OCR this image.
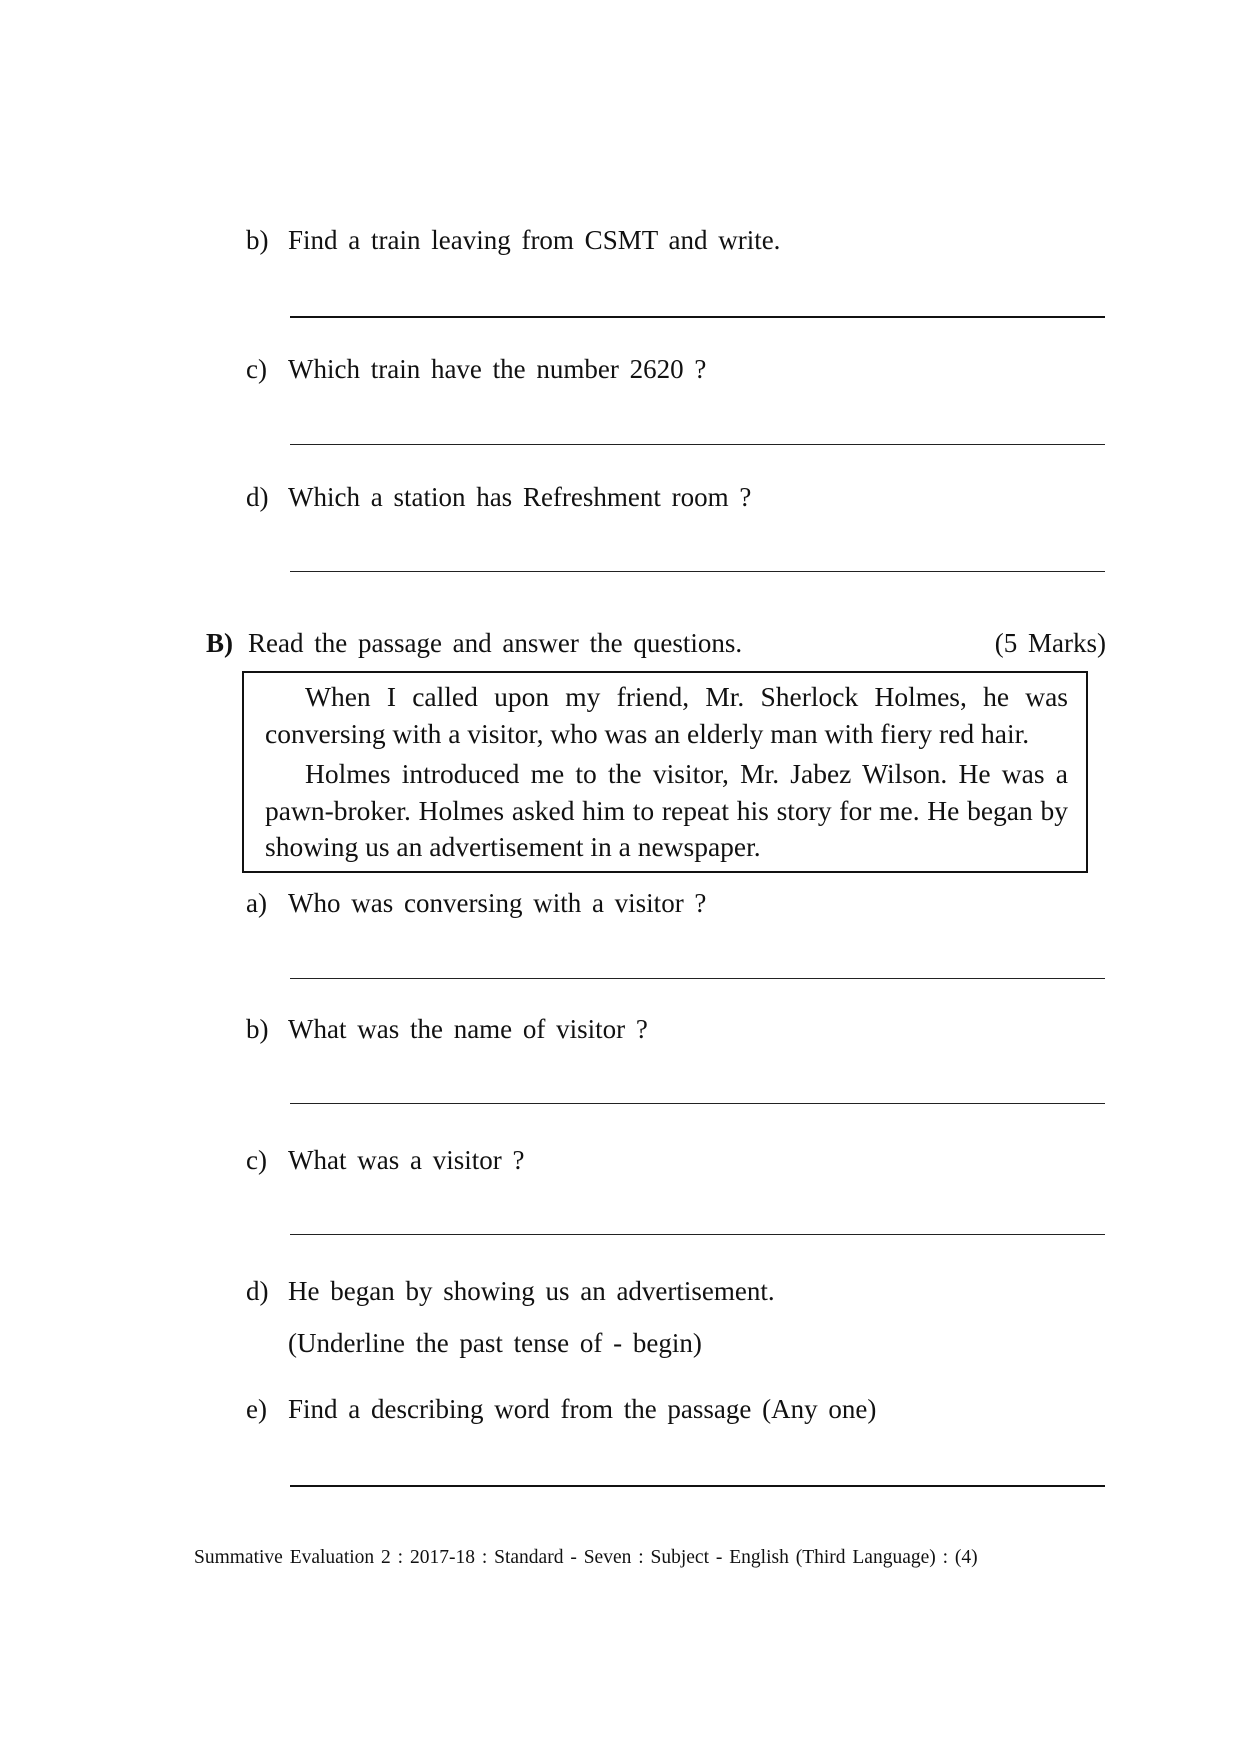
b) Find a train leaving from CSMT and write.
c) Which train have the number 2620 ?
d) Which a station has Refreshment room ?
B) Read the passage and answer the questions.	(5 Marks)

When I called upon my friend, Mr. Sherlock Holmes, he was conversing with a visitor, who was an elderly man with fiery red hair.

Holmes introduced me to the visitor, Mr. Jabez Wilson. He was a pawn-broker. Holmes asked him to repeat his story for me. He began by showing us an advertisement in a newspaper.

a) Who was conversing with a visitor ?
b) What was the name of visitor ?
c) What was a visitor ?
d) He began by showing us an advertisement.
(Underline the past tense of - begin)
e) Find a describing word from the passage (Any one)
Summative Evaluation 2 : 2017-18 : Standard - Seven : Subject - English (Third Language) : (4)
